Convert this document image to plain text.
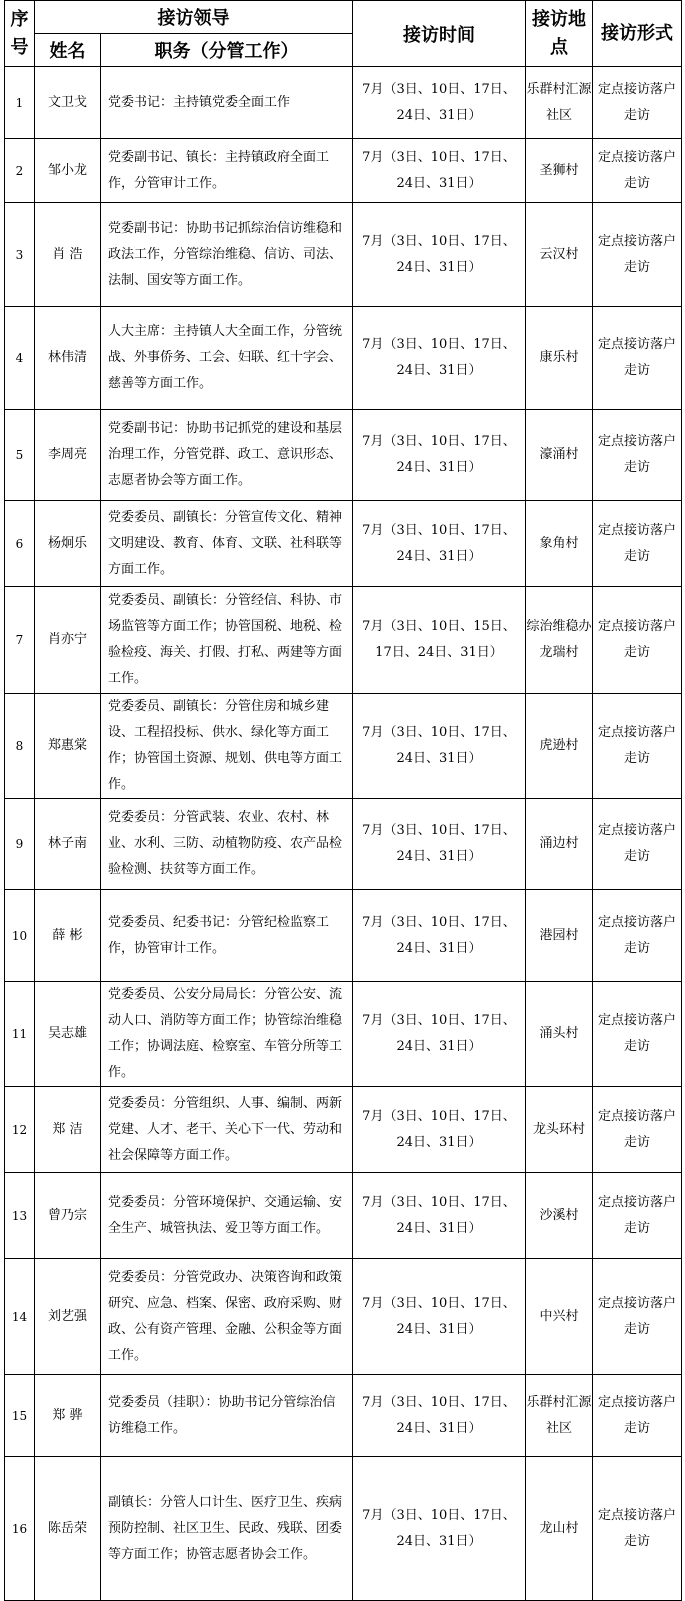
序号	接访领导		接访时间	接访地点	接访形式
	姓名	职务（分管工作）			
1	文卫戈	党委书记：主持镇党委全面工作	7月（3日、10日、17日、24日、31日）	乐群村汇源社区	定点接访落户走访
2	邹小龙	党委副书记、镇长：主持镇政府全面工作，分管审计工作。	7月（3日、10日、17日、24日、31日）	圣狮村	定点接访落户走访
3	肖 浩	党委副书记：协助书记抓综治信访维稳和政法工作，分管综治维稳、信访、司法、法制、国安等方面工作。	7月（3日、10日、17日、24日、31日）	云汉村	定点接访落户走访
4	林伟清	人大主席：主持镇人大全面工作，分管统战、外事侨务、工会、妇联、红十字会、慈善等方面工作。	7月（3日、10日、17日、24日、31日）	康乐村	定点接访落户走访
5	李周亮	党委副书记：协助书记抓党的建设和基层治理工作，分管党群、政工、意识形态、志愿者协会等方面工作。	7月（3日、10日、17日、24日、31日）	濠涌村	定点接访落户走访
6	杨炯乐	党委委员、副镇长：分管宣传文化、精神文明建设、教育、体育、文联、社科联等方面工作。	7月（3日、10日、17日、24日、31日）	象角村	定点接访落户走访
7	肖亦宁	党委委员、副镇长：分管经信、科协、市场监管等方面工作；协管国税、地税、检验检疫、海关、打假、打私、两建等方面工作。	7月（3日、10日、15日、17日、24日、31日）	综治维稳办龙瑞村	定点接访落户走访
8	郑惠棠	党委委员、副镇长：分管住房和城乡建设、工程招投标、供水、绿化等方面工作；协管国土资源、规划、供电等方面工作。	7月（3日、10日、17日、24日、31日）	虎逊村	定点接访落户走访
9	林子南	党委委员：分管武装、农业、农村、林业、水利、三防、动植物防疫、农产品检验检测、扶贫等方面工作。	7月（3日、10日、17日、24日、31日）	涌边村	定点接访落户走访
10	薛 彬	党委委员、纪委书记：分管纪检监察工作，协管审计工作。	7月（3日、10日、17日、24日、31日）	港园村	定点接访落户走访
11	吴志雄	党委委员、公安分局局长：分管公安、流动人口、消防等方面工作；协管综治维稳工作；协调法庭、检察室、车管分所等工作。	7月（3日、10日、17日、24日、31日）	涌头村	定点接访落户走访
12	郑 洁	党委委员：分管组织、人事、编制、两新党建、人才、老干、关心下一代、劳动和社会保障等方面工作。	7月（3日、10日、17日、24日、31日）	龙头环村	定点接访落户走访
13	曾乃宗	党委委员：分管环境保护、交通运输、安全生产、城管执法、爱卫等方面工作。	7月（3日、10日、17日、24日、31日）	沙溪村	定点接访落户走访
14	刘艺强	党委委员：分管党政办、决策咨询和政策研究、应急、档案、保密、政府采购、财政、公有资产管理、金融、公积金等方面工作。	7月（3日、10日、17日、24日、31日）	中兴村	定点接访落户走访
15	郑 骅	党委委员（挂职）：协助书记分管综治信访维稳工作。	7月（3日、10日、17日、24日、31日）	乐群村汇源社区	定点接访落户走访
16	陈岳荣	副镇长：分管人口计生、医疗卫生、疾病预防控制、社区卫生、民政、残联、团委等方面工作；协管志愿者协会工作。	7月（3日、10日、17日、24日、31日）	龙山村	定点接访落户走访
